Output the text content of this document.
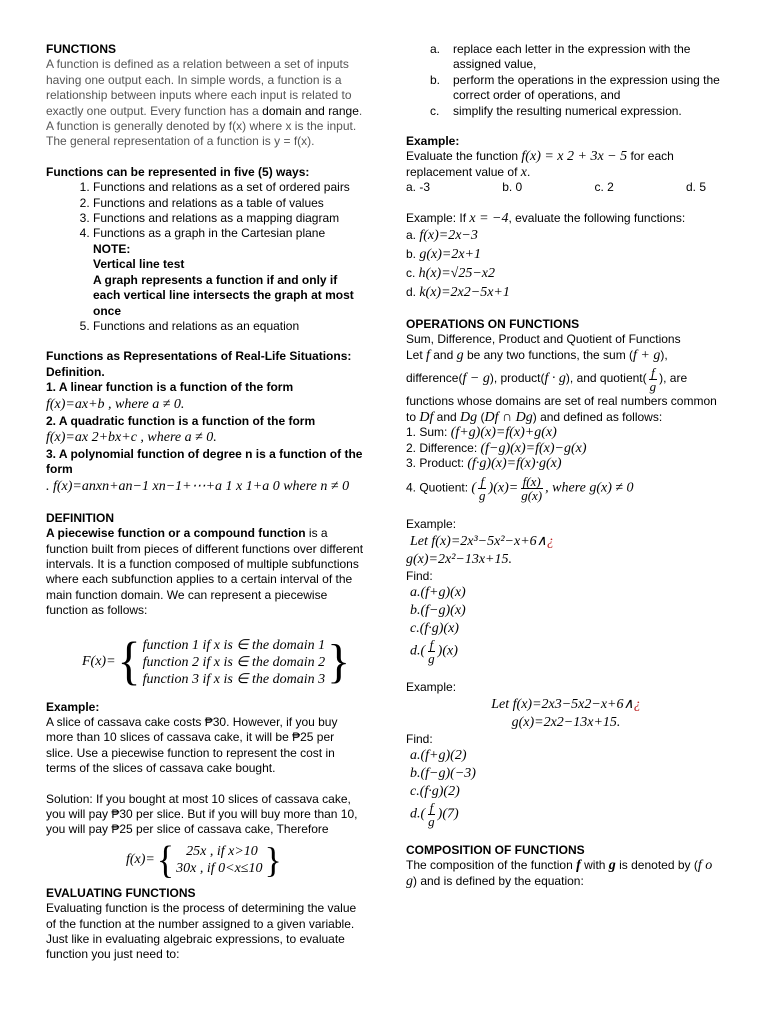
FUNCTIONS

A function is defined as a relation between a set of inputs having one output each. In simple words, a function is a relationship between inputs where each input is related to exactly one output. Every function has a domain and range. A function is generally denoted by f(x) where x is the input. The general representation of a function is y = f(x).

Functions can be represented in five (5) ways:
1. Functions and relations as a set of ordered pairs
2. Functions and relations as a table of values
3. Functions and relations as a mapping diagram
4. Functions as a graph in the Cartesian plane
NOTE:
Vertical line test
A graph represents a function if and only if each vertical line intersects the graph at most once
5. Functions and relations as an equation
Functions as Representations of Real-Life Situations:
Definition.
1. A linear function is a function of the form
f(x)=ax+b , where a ≠ 0.
2. A quadratic function is a function of the form
f(x)=ax 2+bx+c , where a ≠ 0.
3. A polynomial function of degree n is a function of the form
. f(x)=anxn+an−1 xn−1+⋯+a 1 x 1+a 0 where n ≠ 0
DEFINITION

A piecewise function or a compound function is a function built from pieces of different functions over different intervals. It is a function composed of multiple subfunctions where each subfunction applies to a certain interval of the main function domain. We can represent a piecewise function as follows:

F(x)= { function 1 if x is ∈ the domain 1
function 2 if x is ∈ the domain 2
function 3 if x is ∈ the domain 3 }
Example:

A slice of cassava cake costs ₱30. However, if you buy more than 10 slices of cassava cake, it will be ₱25 per slice. Use a piecewise function to represent the cost in terms of the slices of cassava cake bought.

Solution: If you bought at most 10 slices of cassava cake, you will pay ₱30 per slice. But if you will buy more than 10, you will pay ₱25 per slice of cassava cake, Therefore

f(x)= { 25x , if x>10
30x , if 0<x≤10 }
EVALUATING FUNCTIONS

Evaluating function is the process of determining the value of the function at the number assigned to a given variable. Just like in evaluating algebraic expressions, to evaluate function you just need to:

a.	replace each letter in the expression with the assigned value,
b.	perform the operations in the expression using the correct order of operations, and
c.	simplify the resulting numerical expression.
Example:

Evaluate the function f(x) = x 2 + 3x − 5 for each replacement value of x.

a. -3	b. 0	c. 2	d. 5

Example: If x = −4, evaluate the following functions:

a. f(x)=2x−3
b. g(x)=2x+1
c. h(x)=√25−x2
d. k(x)=2x2−5x+1
OPERATIONS ON FUNCTIONS

Sum, Difference, Product and Quotient of Functions

Let f and g be any two functions, the sum (f + g),

difference(f − g), product(f · g), and quotient( $\frac{f}{g}$ ), are

functions whose domains are set of real numbers common to Df and Dg (Df ∩ Dg) and defined as follows:

1. Sum: (f+g)(x)=f(x)+g(x)
2. Difference: (f−g)(x)=f(x)−g(x)
3. Product: (f·g)(x)=f(x)·g(x)
4. Quotient: ( $\frac{f}{g} )(x)= \frac{f(x)}{g(x)}$ , where g(x) ≠ 0

Example:

Let f(x)=2x³−5x²−x+6∧¿
g(x)=2x²−13x+15.

Find:

a.(f+g)(x)
b.(f−g)(x)
c.(f·g)(x)
$d.( \frac{f}{g} )(x)$

Example:

Let f(x)=2x3−5x2−x+6∧¿
g(x)=2x2−13x+15.

Find:

a.(f+g)(2)
b.(f−g)(−3)
c.(f·g)(2)
$d.( \frac{f}{g} )(7)$
COMPOSITION OF FUNCTIONS

The composition of the function f with g is denoted by (f o g) and is defined by the equation:
